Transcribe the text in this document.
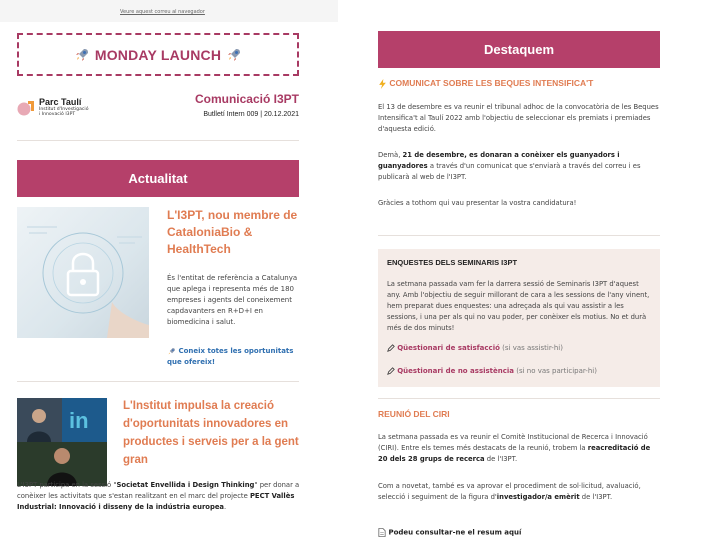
Veure aquest correu al navegador
MONDAY LAUNCH
Parc Taulí
Institut d'Investigació
i Innovació I3PT
Comunicació I3PT
Butlletí Intern 009 | 20.12.2021
Actualitat
L'I3PT, nou membre de CataloniaBio & HealthTech
És l'entitat de referència a Catalunya que aplega i representa més de 180 empreses i agents del coneixement capdavanters en R+D+I en biomedicina i salut.
Coneix totes les oportunitats que ofereix!
in
L'Institut impulsa la creació d'oportunitats innovadores en productes i serveis per a la gent gran
L'I3PT participa en la sessió "Societat Envellida i Design Thinking" per donar a conèixer les activitats que s'estan realitzant en el marc del projecte PECT Vallès Industrial: Innovació i disseny de la indústria europea.
Destaquem
COMUNICAT SOBRE LES BEQUES INTENSIFICA'T
El 13 de desembre es va reunir el tribunal adhoc de la convocatòria de les Beques Intensifica't al Taulí 2022 amb l'objectiu de seleccionar els premiats i premiades d'aquesta edició.
Demà, 21 de desembre, es donaran a conèixer els guanyadors i guanyadores a través d'un comunicat que s'enviarà a través del correu i es publicarà al web de l'I3PT.
Gràcies a tothom qui vau presentar la vostra candidatura!
ENQUESTES DELS SEMINARIS I3PT
La setmana passada vam fer la darrera sessió de Seminaris I3PT d'aquest any. Amb l'objectiu de seguir millorant de cara a les sessions de l'any vinent, hem preparat dues enquestes: una adreçada als qui vau assistir a les sessions, i una per als qui no vau poder, per conèixer els motius. No et durà més de dos minuts!
Qüestionari de satisfacció (si vas assistir-hi)
Qüestionari de no assistència (si no vas participar-hi)
REUNIÓ DEL CIRI
La setmana passada es va reunir el Comitè Institucional de Recerca i Innovació (CIRI). Entre els temes més destacats de la reunió, trobem la reacreditació de 20 dels 28 grups de recerca de l'I3PT.
Com a novetat, també es va aprovar el procediment de sol·licitud, avaluació, selecció i seguiment de la figura d'investigador/a emèrit de l'I3PT.
Podeu consultar-ne el resum aquí
